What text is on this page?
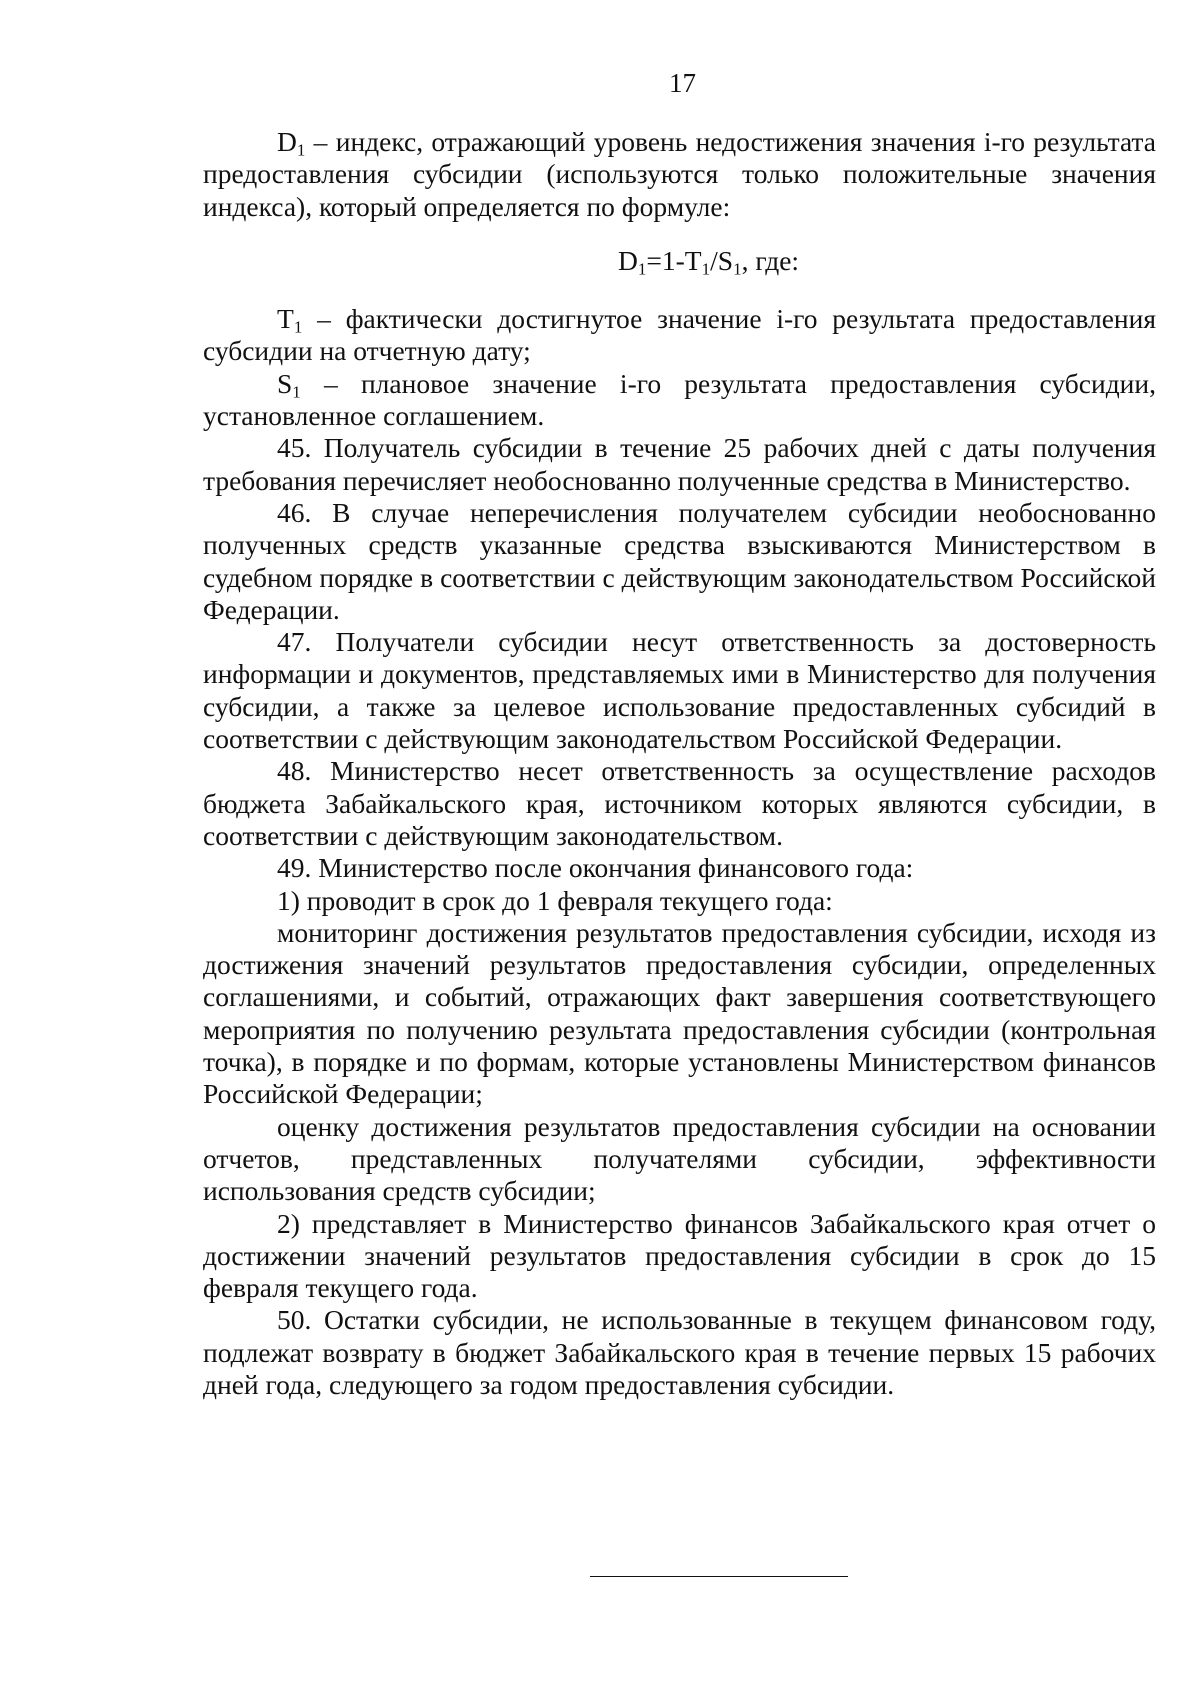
17

$D_1$ – индекс, отражающий уровень недостижения значения i-го результата предоставления субсидии (используются только положительные значения индекса), который определяется по формуле:

$D_1=1-T_1/S_1$, где:

$T_1$ – фактически достигнутое значение i-го результата предоставления субсидии на отчетную дату;

$S_1$ – плановое значение i-го результата предоставления субсидии, установленное соглашением.

45. Получатель субсидии в течение 25 рабочих дней с даты получения требования перечисляет необоснованно полученные средства в Министерство.

46. В случае неперечисления получателем субсидии необоснованно полученных средств указанные средства взыскиваются Министерством в судебном порядке в соответствии с действующим законодательством Российской Федерации.

47. Получатели субсидии несут ответственность за достоверность информации и документов, представляемых ими в Министерство для получения субсидии, а также за целевое использование предоставленных субсидий в соответствии с действующим законодательством Российской Федерации.

48. Министерство несет ответственность за осуществление расходов бюджета Забайкальского края, источником которых являются субсидии, в соответствии с действующим законодательством.

49. Министерство после окончания финансового года:

1) проводит в срок до 1 февраля текущего года:

мониторинг достижения результатов предоставления субсидии, исходя из достижения значений результатов предоставления субсидии, определенных соглашениями, и событий, отражающих факт завершения соответствующего мероприятия по получению результата предоставления субсидии (контрольная точка), в порядке и по формам, которые установлены Министерством финансов Российской Федерации;

оценку достижения результатов предоставления субсидии на основании отчетов, представленных получателями субсидии, эффективности использования средств субсидии;

2) представляет в Министерство финансов Забайкальского края отчет о достижении значений результатов предоставления субсидии в срок до 15 февраля текущего года.

50. Остатки субсидии, не использованные в текущем финансовом году, подлежат возврату в бюджет Забайкальского края в течение первых 15 рабочих дней года, следующего за годом предоставления субсидии.
